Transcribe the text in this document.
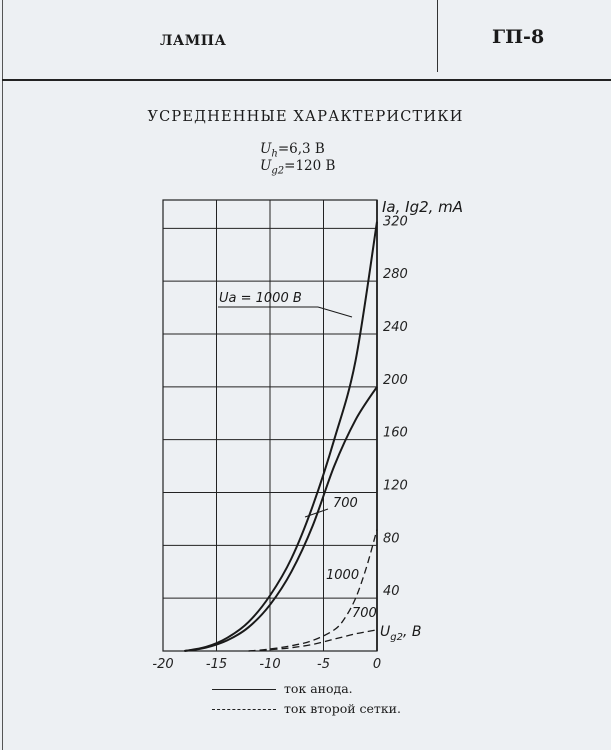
ЛАМПА	ГП-8
УСРЕДНЕННЫЕ ХАРАКТЕРИСТИКИ
$U_h=6,3$ В
$U_{g2}=120$ В
-20 -15 -10	-5	0
40
80
120
160
200
240
280
320
Ua = 1000 B
700
1000
700
Ia, Ig2, mA
$U_{g2}$, В
ток анода.
ток второй сетки.
